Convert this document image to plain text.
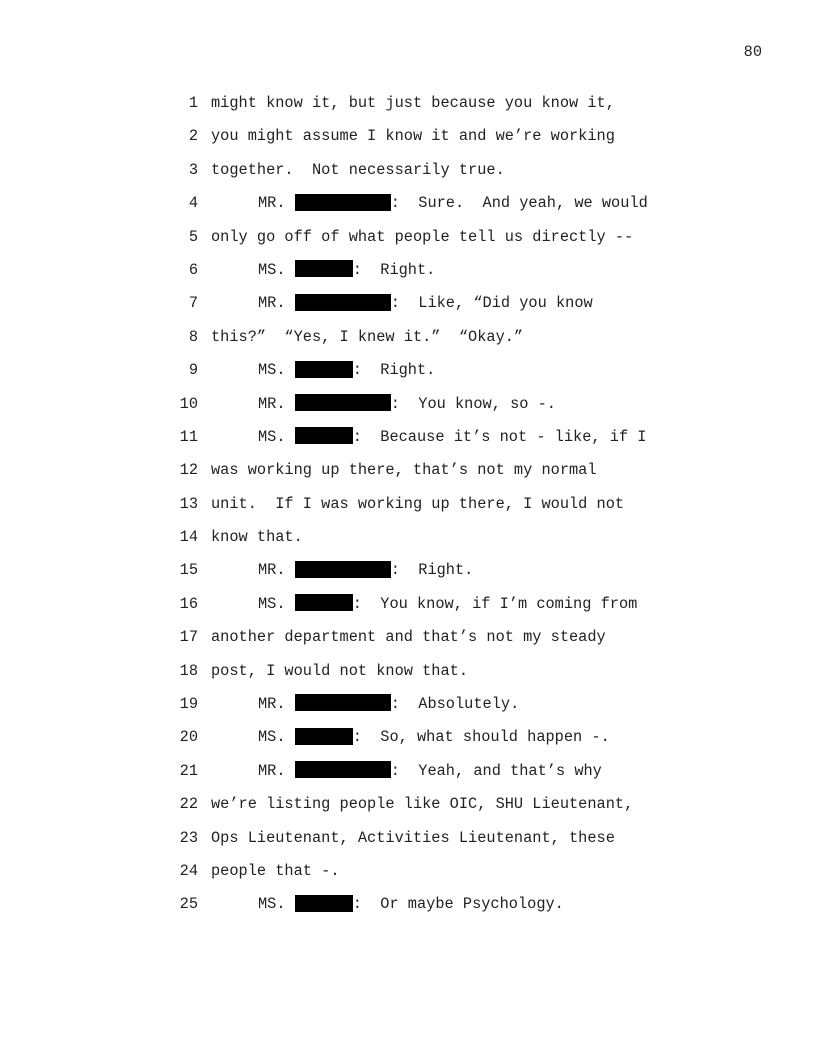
80
1 might know it, but just because you know it,
2 you might assume I know it and we’re working
3 together.  Not necessarily true.
4	MR.	:  Sure.  And yeah, we would
5 only go off of what people tell us directly --
6	MS.	:  Right.
7	MR.	:  Like, “Did you know
8 this?”  “Yes, I knew it.”  “Okay.”
9	MS.	:  Right.
10	MR.	:  You know, so -.
11	MS.	:  Because it’s not - like, if I
12 was working up there, that’s not my normal
13 unit.  If I was working up there, I would not
14 know that.
15	MR.	:  Right.
16	MS.	:  You know, if I’m coming from
17 another department and that’s not my steady
18 post, I would not know that.
19	MR.	:  Absolutely.
20	MS.	:  So, what should happen -.
21	MR.	:  Yeah, and that’s why
22 we’re listing people like OIC, SHU Lieutenant,
23 Ops Lieutenant, Activities Lieutenant, these
24 people that -.
25	MS.	:  Or maybe Psychology.
